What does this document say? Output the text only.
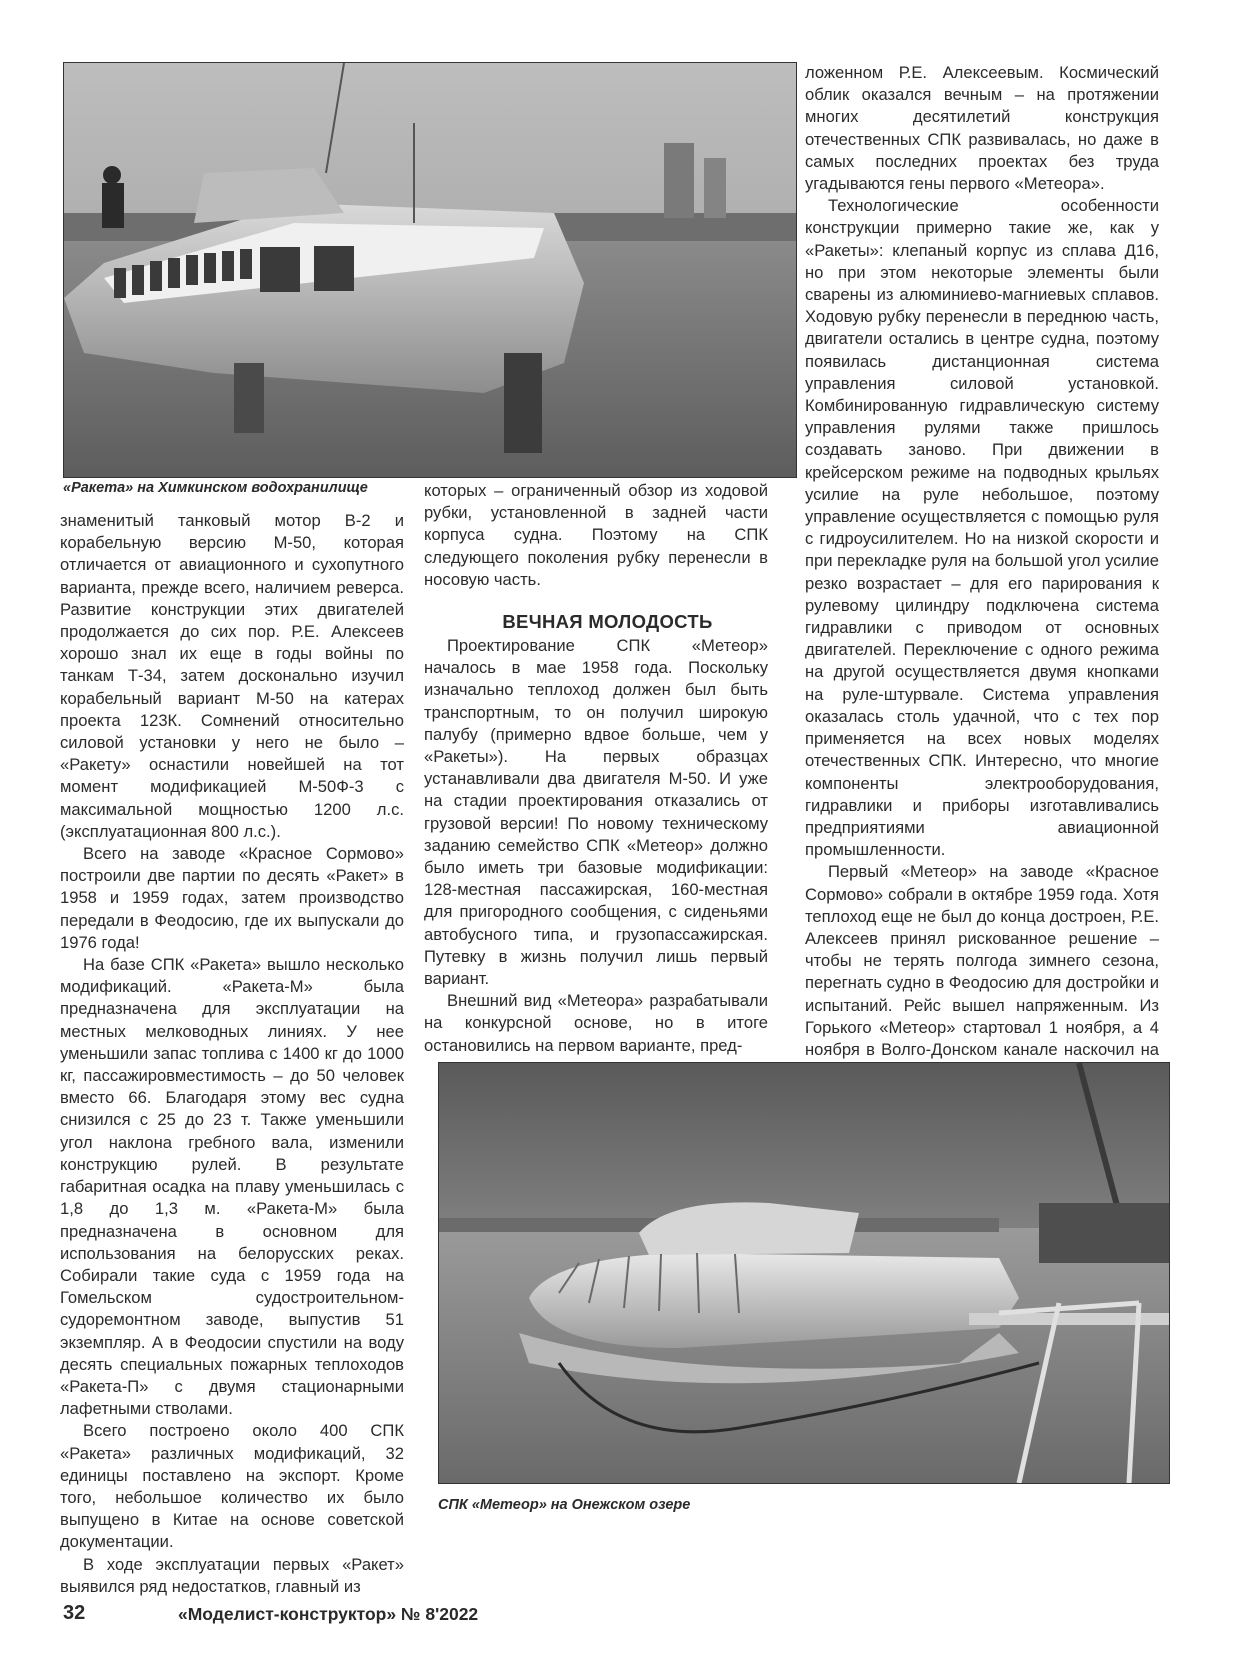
«Ракета» на Химкинском водохранилище

знаменитый танковый мотор В-2 и корабельную версию М-50, которая отличается от авиационного и сухопутного варианта, прежде всего, наличием реверса. Развитие конструкции этих двигателей продолжается до сих пор. Р.Е. Алексеев хорошо знал их еще в годы войны по танкам Т-34, затем досконально изучил корабельный вариант М-50 на катерах проекта 123К. Сомнений относительно силовой установки у него не было – «Ракету» оснастили новейшей на тот момент модификацией М-50Ф-3 с максимальной мощностью 1200 л.с. (эксплуатационная 800 л.с.).

Всего на заводе «Красное Сормово» построили две партии по десять «Ракет» в 1958 и 1959 годах, затем производство передали в Феодосию, где их выпускали до 1976 года!

На базе СПК «Ракета» вышло несколько модификаций. «Ракета-М» была предназначена для эксплуатации на местных мелководных линиях. У нее уменьшили запас топлива с 1400 кг до 1000 кг, пассажировместимость – до 50 человек вместо 66. Благодаря этому вес судна снизился с 25 до 23 т. Также уменьшили угол наклона гребного вала, изменили конструкцию рулей. В результате габаритная осадка на плаву уменьшилась с 1,8 до 1,3 м. «Ракета-М» была предназначена в основном для использования на белорусских реках. Собирали такие суда с 1959 года на Гомельском судостроительном-судоремонтном заводе, выпустив 51 экземпляр. А в Феодосии спустили на воду десять специальных пожарных теплоходов «Ракета-П» с двумя стационарными лафетными стволами.

Всего построено около 400 СПК «Ракета» различных модификаций, 32 единицы поставлено на экспорт. Кроме того, небольшое количество их было выпущено в Китае на основе советской документации.

В ходе эксплуатации первых «Ракет» выявился ряд недостатков, главный из

которых – ограниченный обзор из ходовой рубки, установленной в задней части корпуса судна. Поэтому на СПК следующего поколения рубку перенесли в носовую часть.

ВЕЧНАЯ МОЛОДОСТЬ

Проектирование СПК «Метеор» началось в мае 1958 года. Поскольку изначально теплоход должен был быть транспортным, то он получил широкую палубу (примерно вдвое больше, чем у «Ракеты»). На первых образцах устанавливали два двигателя М-50. И уже на стадии проектирования отказались от грузовой версии! По новому техническому заданию семейство СПК «Метеор» должно было иметь три базовые модификации: 128-местная пассажирская, 160-местная для пригородного сообщения, с сиденьями автобусного типа, и грузопассажирская. Путевку в жизнь получил лишь первый вариант.

Внешний вид «Метеора» разрабатывали на конкурсной основе, но в итоге остановились на первом варианте, пред-

ложенном Р.Е. Алексеевым. Космический облик оказался вечным – на протяжении многих десятилетий конструкция отечественных СПК развивалась, но даже в самых последних проектах без труда угадываются гены первого «Метеора».

Технологические особенности конструкции примерно такие же, как у «Ракеты»: клепаный корпус из сплава Д16, но при этом некоторые элементы были сварены из алюминиево-магниевых сплавов. Ходовую рубку перенесли в переднюю часть, двигатели остались в центре судна, поэтому появилась дистанционная система управления силовой установкой. Комбинированную гидравлическую систему управления рулями также пришлось создавать заново. При движении в крейсерском режиме на подводных крыльях усилие на руле небольшое, поэтому управление осуществляется с помощью руля с гидроусилителем. Но на низкой скорости и при перекладке руля на большой угол усилие резко возрастает – для его парирования к рулевому цилиндру подключена система гидравлики с приводом от основных двигателей. Переключение с одного режима на другой осуществляется двумя кнопками на руле-штурвале. Система управления оказалась столь удачной, что с тех пор применяется на всех новых моделях отечественных СПК. Интересно, что многие компоненты электрооборудования, гидравлики и приборы изготавливались предприятиями авиационной промышленности.

Первый «Метеор» на заводе «Красное Сормово» собрали в октябре 1959 года. Хотя теплоход еще не был до конца достроен, Р.Е. Алексеев принял рискованное решение – чтобы не терять полгода зимнего сезона, перегнать судно в Феодосию для достройки и испытаний. Рейс вышел напряженным. Из Горького «Метеор» стартовал 1 ноября, а 4 ноября в Волго-Донском канале наскочил на

СПК «Метеор» на Онежском озере
32	«Моделист-конструктор» № 8'2022
